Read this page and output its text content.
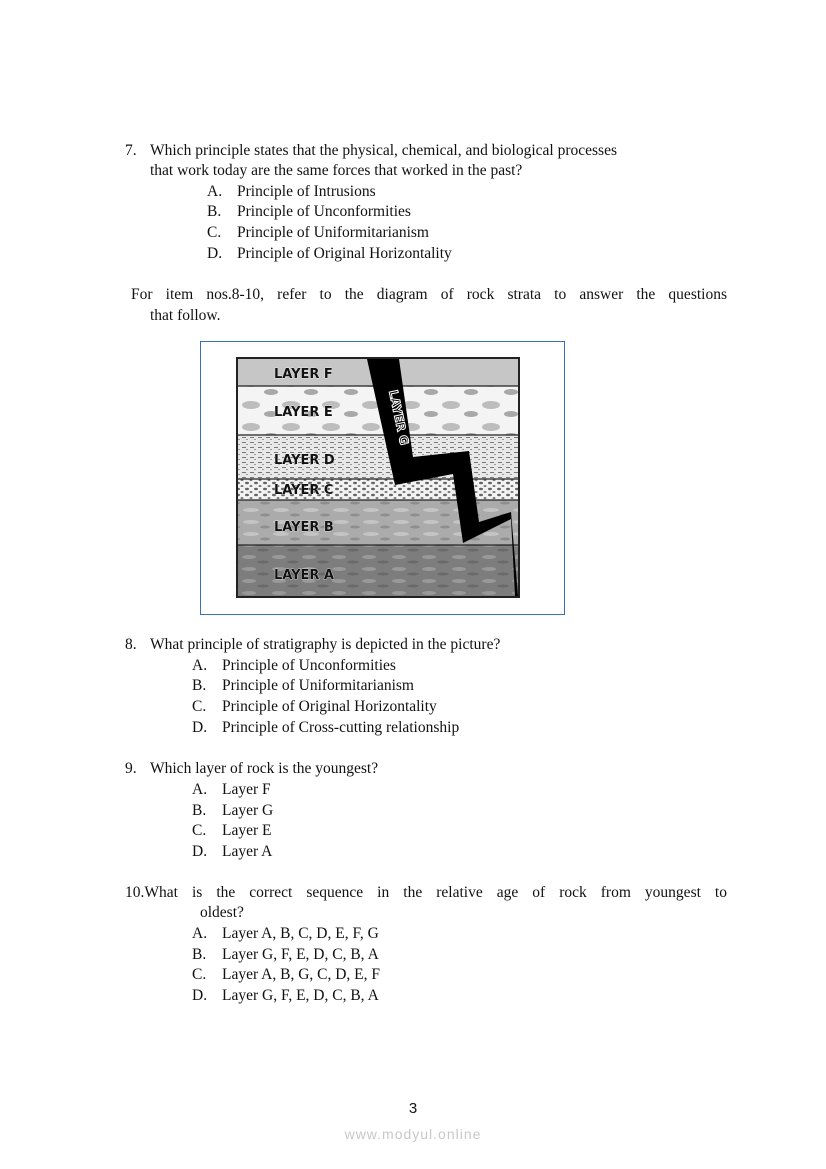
7. Which principle states that the physical, chemical, and biological processes
that work today are the same forces that worked in the past?
A. Principle of Intrusions
B. Principle of Unconformities
C. Principle of Uniformitarianism
D. Principle of Original Horizontality
For item nos.8-10, refer to the diagram of rock strata to answer the questions
that follow.
LAYER F
LAYER E
LAYER D
LAYER C
LAYER B
LAYER A
LAYER G
8. What principle of stratigraphy is depicted in the picture?
A. Principle of Unconformities
B. Principle of Uniformitarianism
C. Principle of Original Horizontality
D. Principle of Cross-cutting relationship
9. Which layer of rock is the youngest?
A. Layer F
B. Layer G
C. Layer E
D. Layer A
10.What is the correct sequence in the relative age of rock from youngest to
oldest?
A. Layer A, B, C, D, E, F, G
B. Layer G, F, E, D, C, B, A
C. Layer A, B, G, C, D, E, F
D. Layer G, F, E, D, C, B, A
3
www.modyul.online
